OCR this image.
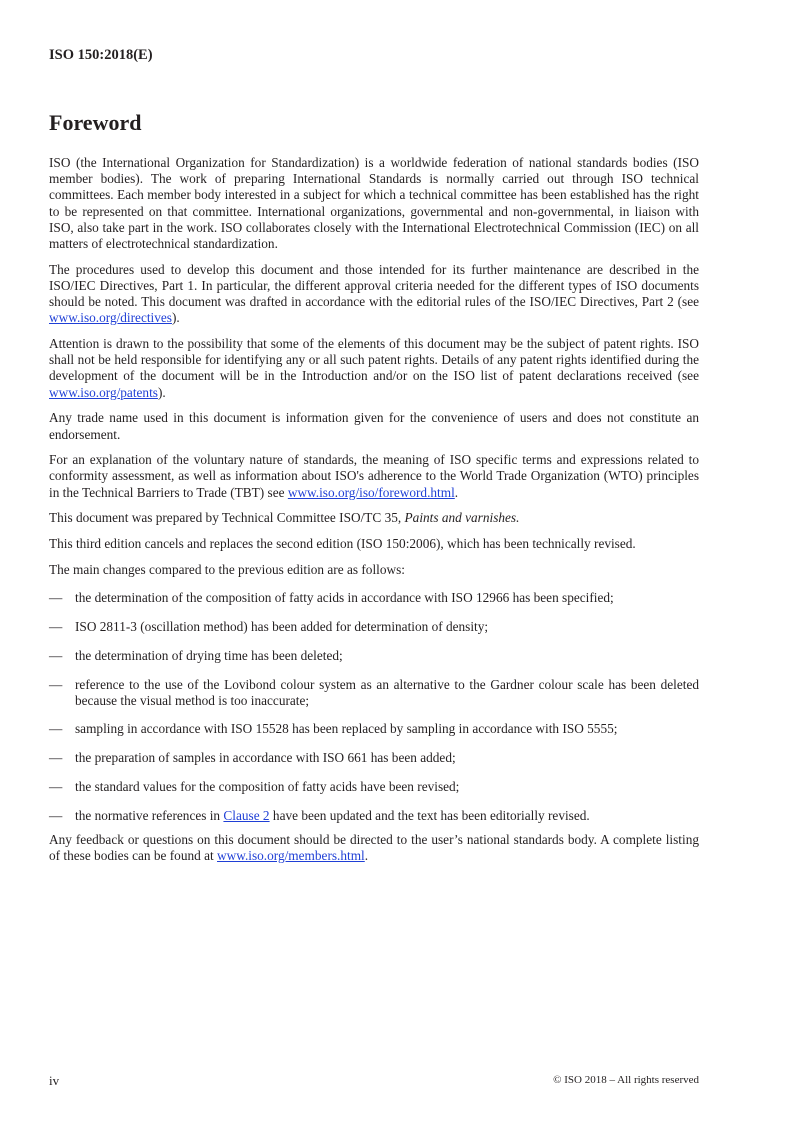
ISO 150:2018(E)
Foreword

ISO (the International Organization for Standardization) is a worldwide federation of national standards bodies (ISO member bodies). The work of preparing International Standards is normally carried out through ISO technical committees. Each member body interested in a subject for which a technical committee has been established has the right to be represented on that committee. International organizations, governmental and non-governmental, in liaison with ISO, also take part in the work. ISO collaborates closely with the International Electrotechnical Commission (IEC) on all matters of electrotechnical standardization.

The procedures used to develop this document and those intended for its further maintenance are described in the ISO/IEC Directives, Part 1. In particular, the different approval criteria needed for the different types of ISO documents should be noted. This document was drafted in accordance with the editorial rules of the ISO/IEC Directives, Part 2 (see www.iso.org/directives).

Attention is drawn to the possibility that some of the elements of this document may be the subject of patent rights. ISO shall not be held responsible for identifying any or all such patent rights. Details of any patent rights identified during the development of the document will be in the Introduction and/or on the ISO list of patent declarations received (see www.iso.org/patents).

Any trade name used in this document is information given for the convenience of users and does not constitute an endorsement.

For an explanation of the voluntary nature of standards, the meaning of ISO specific terms and expressions related to conformity assessment, as well as information about ISO's adherence to the World Trade Organization (WTO) principles in the Technical Barriers to Trade (TBT) see www.iso.org/iso/foreword.html.

This document was prepared by Technical Committee ISO/TC 35, Paints and varnishes.

This third edition cancels and replaces the second edition (ISO 150:2006), which has been technically revised.

The main changes compared to the previous edition are as follows:

— the determination of the composition of fatty acids in accordance with ISO 12966 has been specified;
— ISO 2811-3 (oscillation method) has been added for determination of density;
— the determination of drying time has been deleted;
— reference to the use of the Lovibond colour system as an alternative to the Gardner colour scale has been deleted because the visual method is too inaccurate;
— sampling in accordance with ISO 15528 has been replaced by sampling in accordance with ISO 5555;
— the preparation of samples in accordance with ISO 661 has been added;
— the standard values for the composition of fatty acids have been revised;
— the normative references in Clause 2 have been updated and the text has been editorially revised.

Any feedback or questions on this document should be directed to the user’s national standards body. A complete listing of these bodies can be found at www.iso.org/members.html.

iv	© ISO 2018 – All rights reserved
